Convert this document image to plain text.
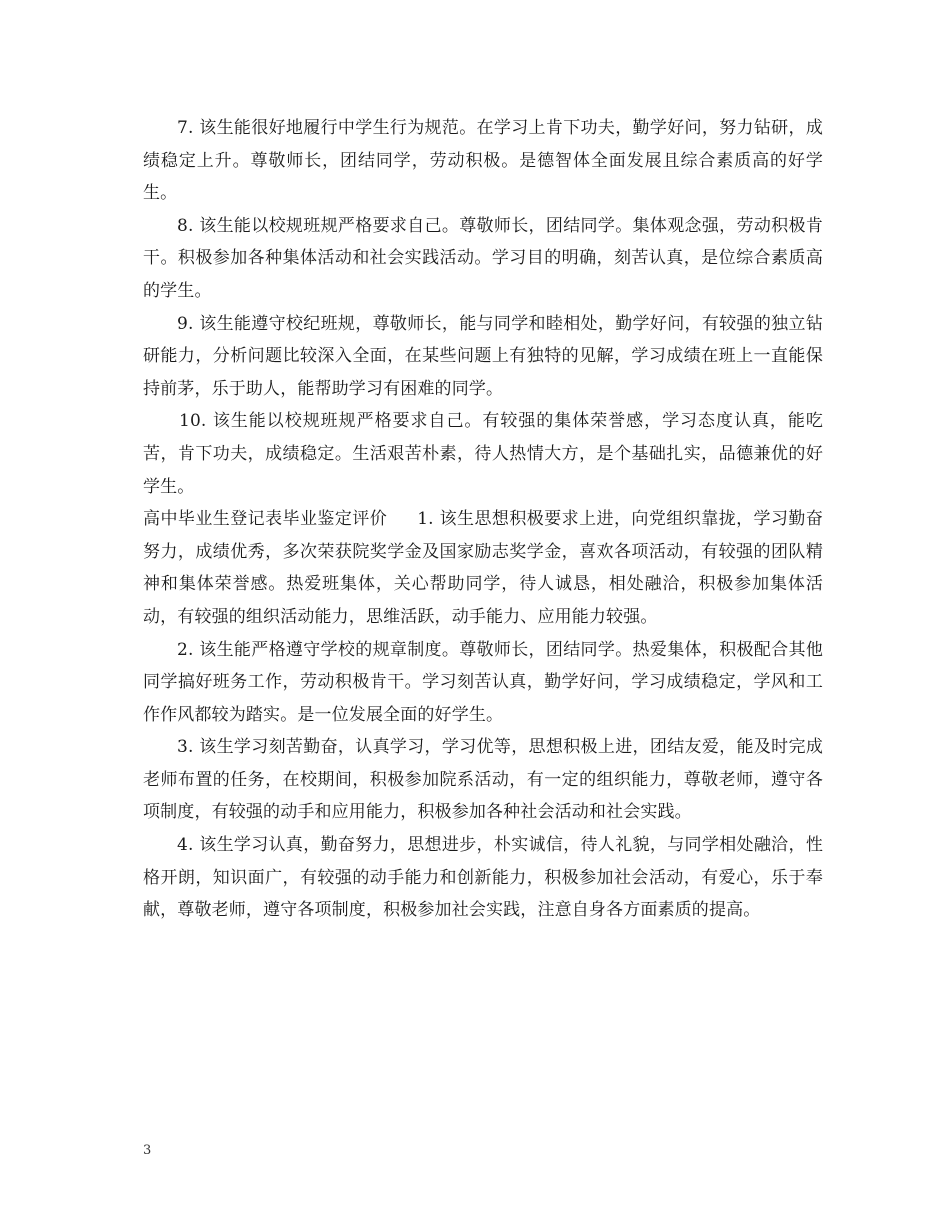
7. 该生能很好地履行中学生行为规范。在学习上肯下功夫，勤学好问，努力钻研，成绩稳定上升。尊敬师长，团结同学，劳动积极。是德智体全面发展且综合素质高的好学生。

8. 该生能以校规班规严格要求自己。尊敬师长，团结同学。集体观念强，劳动积极肯干。积极参加各种集体活动和社会实践活动。学习目的明确，刻苦认真，是位综合素质高的学生。

9. 该生能遵守校纪班规，尊敬师长，能与同学和睦相处，勤学好问，有较强的独立钻研能力，分析问题比较深入全面，在某些问题上有独特的见解，学习成绩在班上一直能保持前茅，乐于助人，能帮助学习有困难的同学。

10. 该生能以校规班规严格要求自己。有较强的集体荣誉感，学习态度认真，能吃苦，肯下功夫，成绩稳定。生活艰苦朴素，待人热情大方，是个基础扎实，品德兼优的好学生。

高中毕业生登记表毕业鉴定评价 1. 该生思想积极要求上进，向党组织靠拢，学习勤奋努力，成绩优秀，多次荣获院奖学金及国家励志奖学金，喜欢各项活动，有较强的团队精神和集体荣誉感。热爱班集体，关心帮助同学，待人诚恳，相处融洽，积极参加集体活动，有较强的组织活动能力，思维活跃，动手能力、应用能力较强。

2. 该生能严格遵守学校的规章制度。尊敬师长，团结同学。热爱集体，积极配合其他同学搞好班务工作，劳动积极肯干。学习刻苦认真，勤学好问，学习成绩稳定，学风和工作作风都较为踏实。是一位发展全面的好学生。

3. 该生学习刻苦勤奋，认真学习，学习优等，思想积极上进，团结友爱，能及时完成老师布置的任务，在校期间，积极参加院系活动，有一定的组织能力，尊敬老师，遵守各项制度，有较强的动手和应用能力，积极参加各种社会活动和社会实践。

4. 该生学习认真，勤奋努力，思想进步，朴实诚信，待人礼貌，与同学相处融洽，性格开朗，知识面广，有较强的动手能力和创新能力，积极参加社会活动，有爱心，乐于奉献，尊敬老师，遵守各项制度，积极参加社会实践，注意自身各方面素质的提高。

3
